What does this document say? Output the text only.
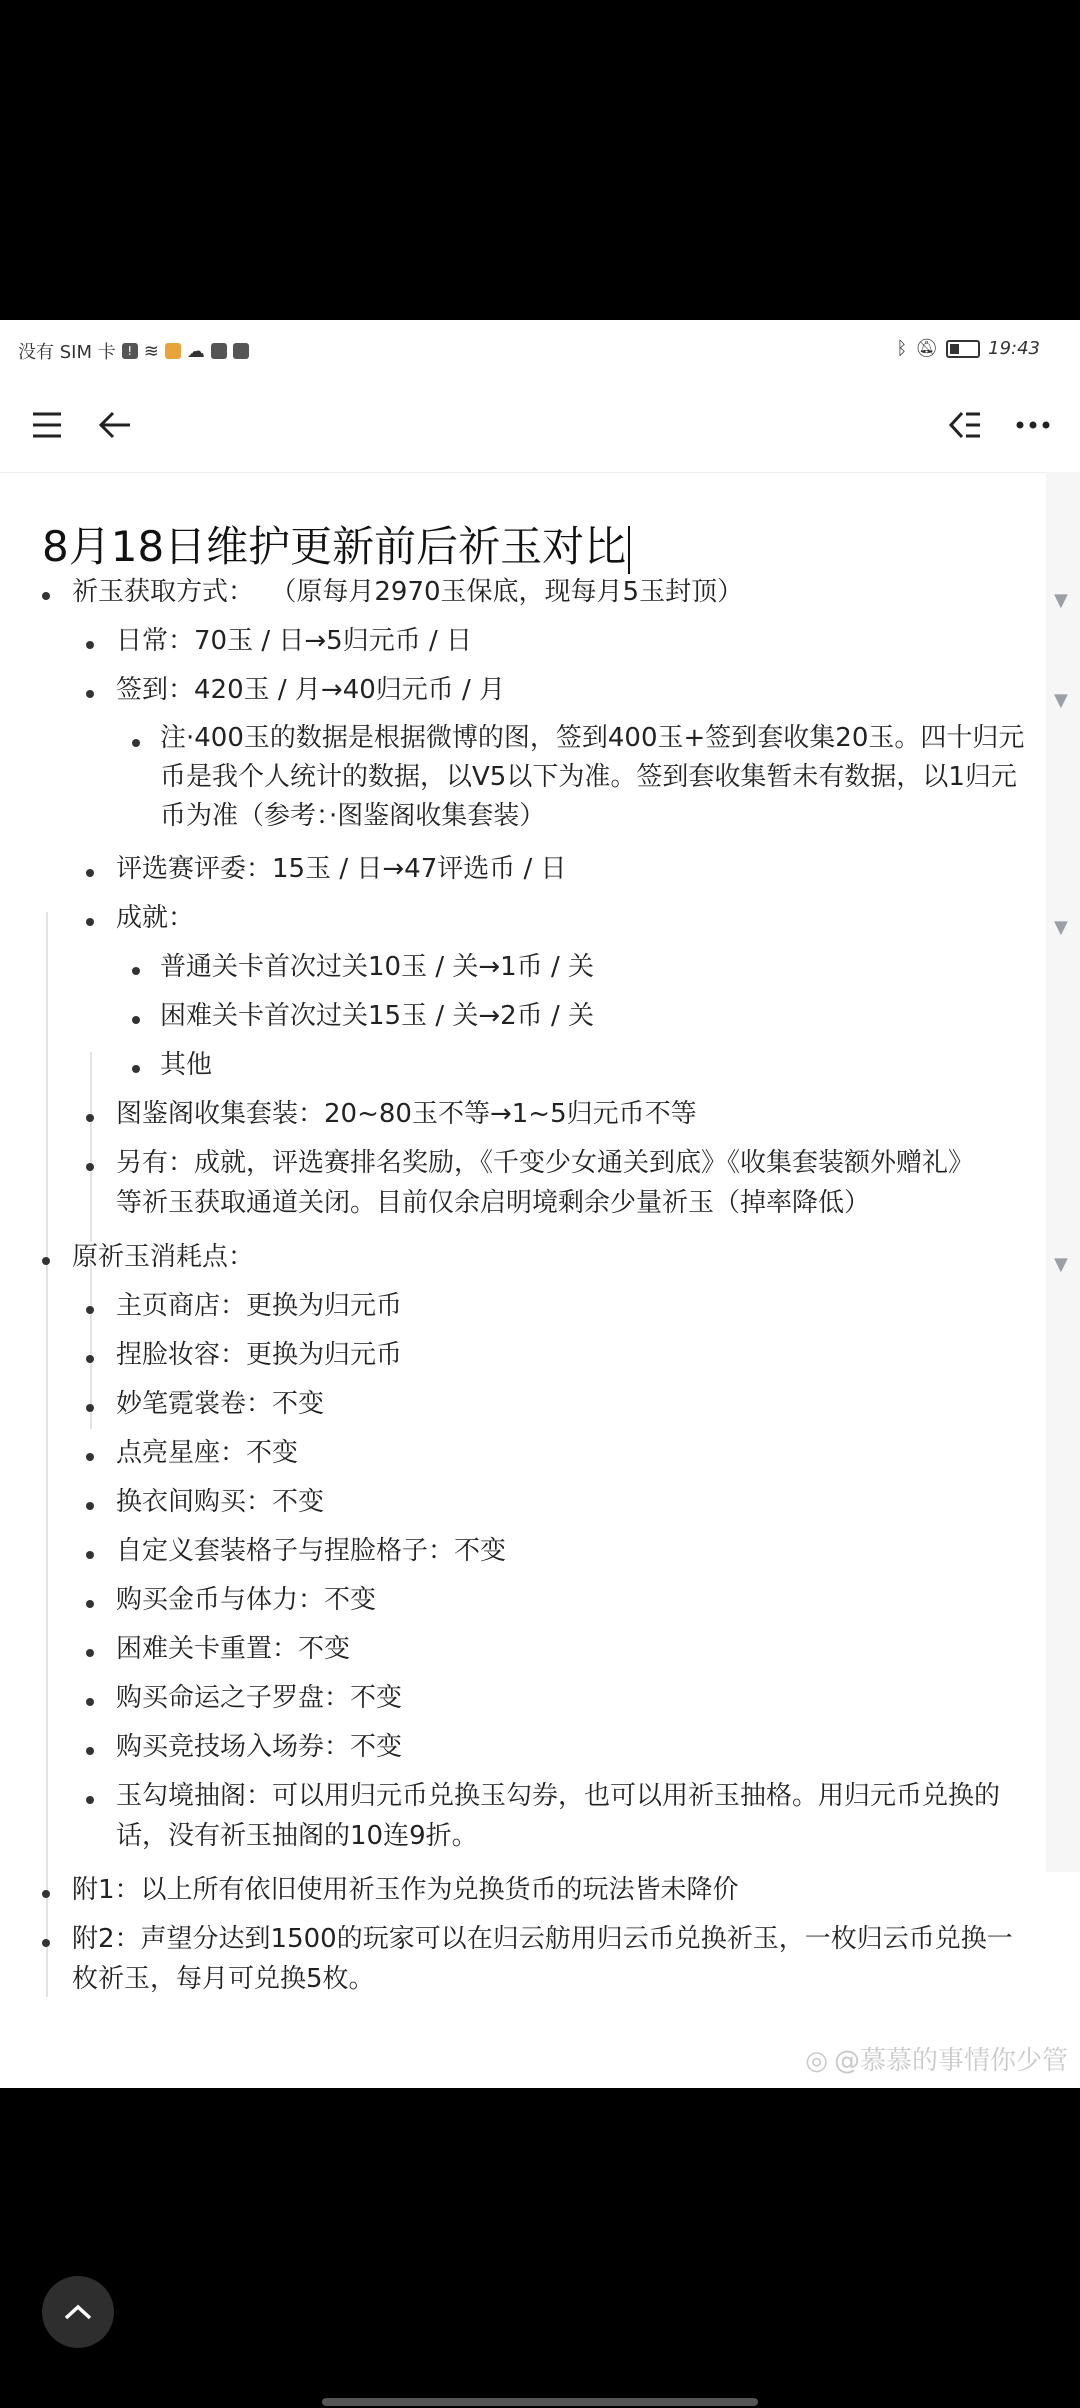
没有 SIM 卡 ! ≋ ☁	ᛒ 🔕︎	19:43
8月18日维护更新前后祈玉对比
祈玉获取方式：	（原每月2970玉保底，现每月5玉封顶）
日常：70玉 / 日→5归元币 / 日
签到：420玉 / 月→40归元币 / 月
注·400玉的数据是根据微博的图，签到400玉+签到套收集20玉。四十归元币是我个人统计的数据，以V5以下为准。签到套收集暂未有数据，以1归元币为准（参考：·图鉴阁收集套装）
评选赛评委：15玉 / 日→47评选币 / 日
成就：
普通关卡首次过关10玉 / 关→1币 / 关
困难关卡首次过关15玉 / 关→2币 / 关
其他
图鉴阁收集套装：20~80玉不等→1~5归元币不等
另有：成就，评选赛排名奖励，《千变少女通关到底》《收集套装额外赠礼》等祈玉获取通道关闭。目前仅余启明境剩余少量祈玉（掉率降低）
原祈玉消耗点：
主页商店：更换为归元币
捏脸妆容：更换为归元币
妙笔霓裳卷：不变
点亮星座：不变
换衣间购买：不变
自定义套装格子与捏脸格子：不变
购买金币与体力：不变
困难关卡重置：不变
购买命运之子罗盘：不变
购买竞技场入场券：不变
玉勾境抽阁：可以用归元币兑换玉勾券，也可以用祈玉抽格。用归元币兑换的话，没有祈玉抽阁的10连9折。
附1：以上所有依旧使用祈玉作为兑换货币的玩法皆未降价
附2：声望分达到1500的玩家可以在归云舫用归云币兑换祈玉，一枚归云币兑换一枚祈玉，每月可兑换5枚。
▼
▼
▼
▼
◎ @慕慕的事情你少管
